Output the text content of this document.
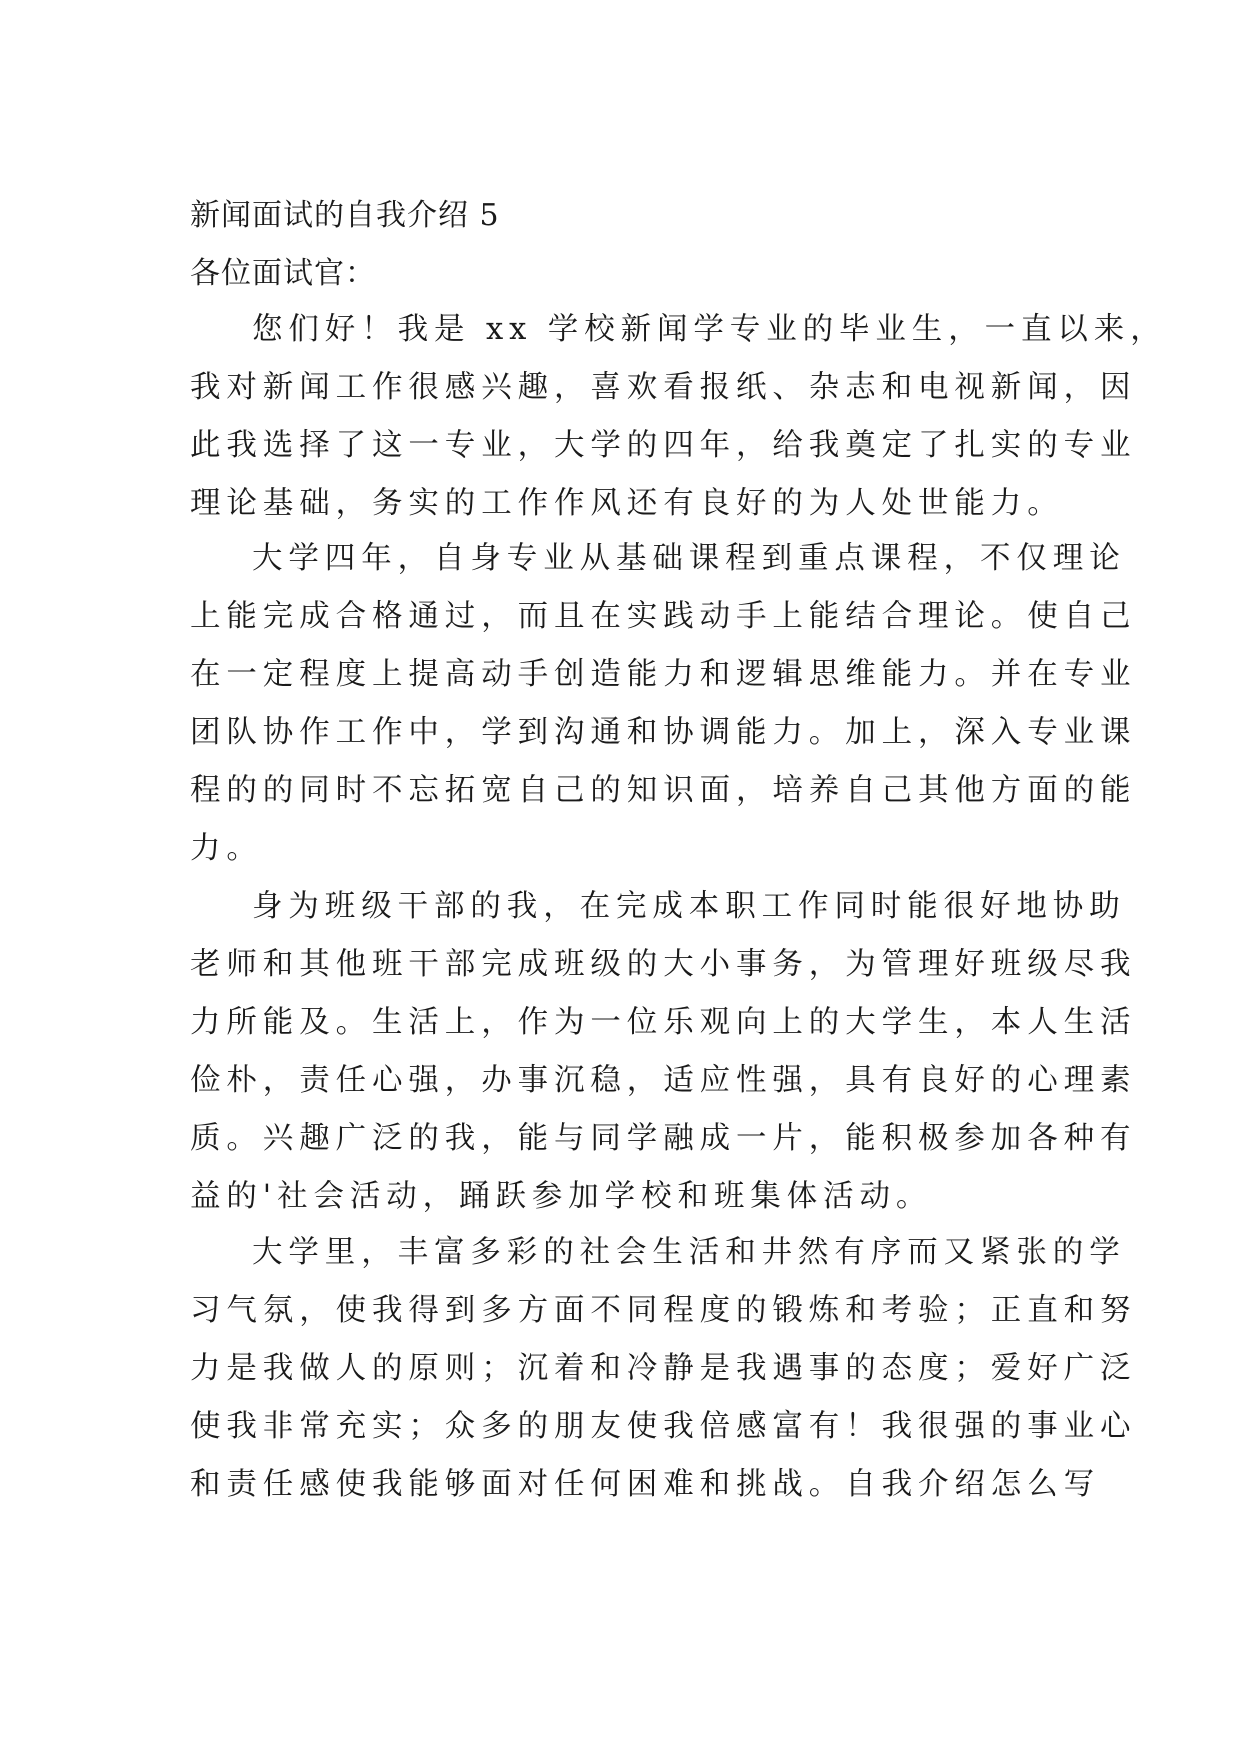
新闻面试的自我介绍 5
各位面试官：
您们好！我是 xx 学校新闻学专业的毕业生，一直以来，
我对新闻工作很感兴趣，喜欢看报纸、杂志和电视新闻，因
此我选择了这一专业，大学的四年，给我奠定了扎实的专业
理论基础，务实的工作作风还有良好的为人处世能力。
大学四年，自身专业从基础课程到重点课程，不仅理论
上能完成合格通过，而且在实践动手上能结合理论。使自己
在一定程度上提高动手创造能力和逻辑思维能力。并在专业
团队协作工作中，学到沟通和协调能力。加上，深入专业课
程的的同时不忘拓宽自己的知识面，培养自己其他方面的能
力。
身为班级干部的我，在完成本职工作同时能很好地协助
老师和其他班干部完成班级的大小事务，为管理好班级尽我
力所能及。生活上，作为一位乐观向上的大学生，本人生活
俭朴，责任心强，办事沉稳，适应性强，具有良好的心理素
质。兴趣广泛的我，能与同学融成一片，能积极参加各种有
益的'社会活动，踊跃参加学校和班集体活动。
大学里，丰富多彩的社会生活和井然有序而又紧张的学
习气氛，使我得到多方面不同程度的锻炼和考验；正直和努
力是我做人的原则；沉着和冷静是我遇事的态度；爱好广泛
使我非常充实；众多的朋友使我倍感富有！我很强的事业心
和责任感使我能够面对任何困难和挑战。自我介绍怎么写
